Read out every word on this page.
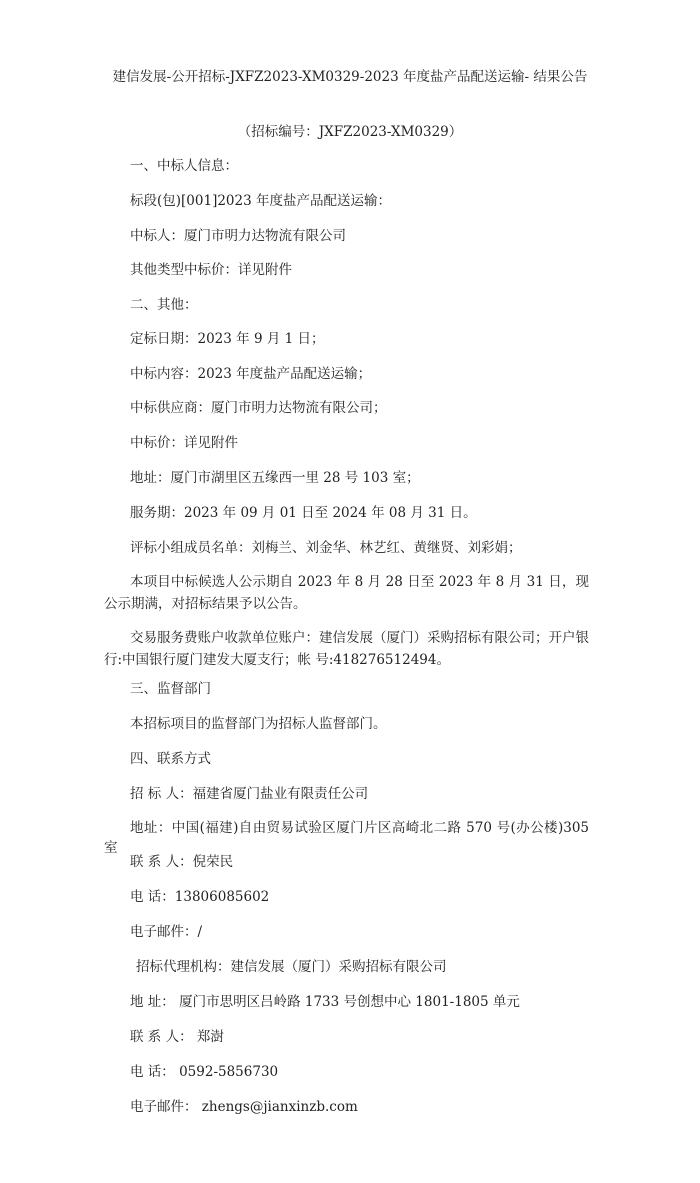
建信发展-公开招标-JXFZ2023-XM0329-2023 年度盐产品配送运输- 结果公告
（招标编号：JXFZ2023-XM0329）
一、中标人信息：
标段(包)[001]2023 年度盐产品配送运输：
中标人：厦门市明力达物流有限公司
其他类型中标价：详见附件
二、其他：
定标日期：2023 年 9 月 1 日；
中标内容：2023 年度盐产品配送运输；
中标供应商：厦门市明力达物流有限公司；
中标价：详见附件
地址：厦门市湖里区五缘西一里 28 号 103 室；
服务期：2023 年 09 月 01 日至 2024 年 08 月 31 日。
评标小组成员名单：刘梅兰、刘金华、林艺红、黄继贤、刘彩娟；
本项目中标候选人公示期自 2023 年 8 月 28 日至 2023 年 8 月 31 日，现公示期满，对招标结果予以公告。
交易服务费账户收款单位账户：建信发展（厦门）采购招标有限公司；开户银行:中国银行厦门建发大厦支行；帐 号:418276512494。
三、监督部门
本招标项目的监督部门为招标人监督部门。
四、联系方式
招 标 人：福建省厦门盐业有限责任公司
地址：中国(福建)自由贸易试验区厦门片区高崎北二路 570 号(办公楼)305 室
联 系 人：倪荣民
电 话：13806085602
电子邮件：/
招标代理机构：建信发展（厦门）采购招标有限公司
地 址： 厦门市思明区吕岭路 1733 号创想中心 1801-1805 单元
联 系 人： 郑澍
电 话： 0592-5856730
电子邮件： zhengs@jianxinzb.com
